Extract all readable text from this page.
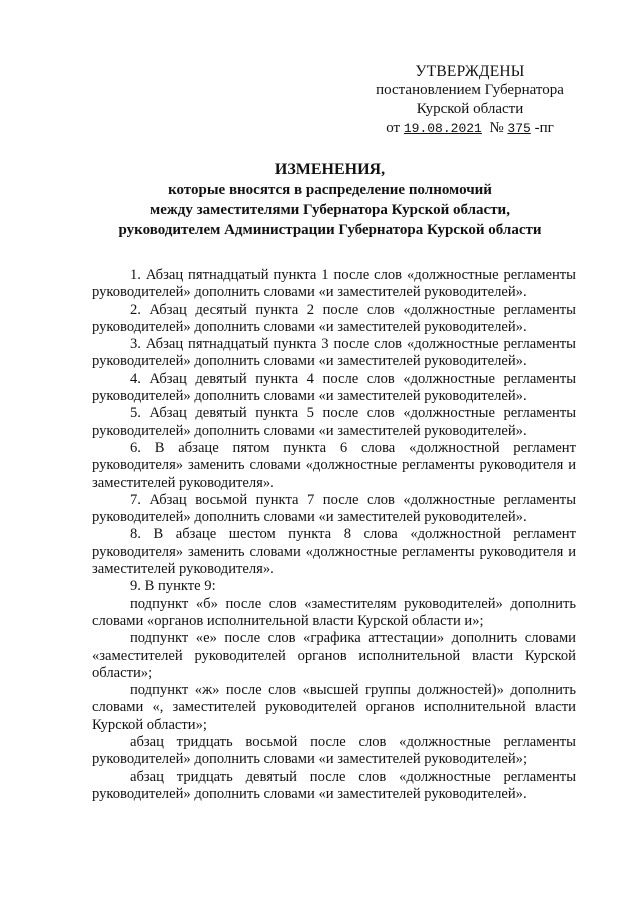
УТВЕРЖДЕНЫ
постановлением Губернатора
Курской области
от 19.08.2021 № 375 -пг
ИЗМЕНЕНИЯ,
которые вносятся в распределение полномочий
между заместителями Губернатора Курской области,
руководителем Администрации Губернатора Курской области

1. Абзац пятнадцатый пункта 1 после слов «должностные регламенты руководителей» дополнить словами «и заместителей руководителей».

2. Абзац десятый пункта 2 после слов «должностные регламенты руководителей» дополнить словами «и заместителей руководителей».

3. Абзац пятнадцатый пункта 3 после слов «должностные регламенты руководителей» дополнить словами «и заместителей руководителей».

4. Абзац девятый пункта 4 после слов «должностные регламенты руководителей» дополнить словами «и заместителей руководителей».

5. Абзац девятый пункта 5 после слов «должностные регламенты руководителей» дополнить словами «и заместителей руководителей».

6. В абзаце пятом пункта 6 слова «должностной регламент руководителя» заменить словами «должностные регламенты руководителя и заместителей руководителя».

7. Абзац восьмой пункта 7 после слов «должностные регламенты руководителей» дополнить словами «и заместителей руководителей».

8. В абзаце шестом пункта 8 слова «должностной регламент руководителя» заменить словами «должностные регламенты руководителя и заместителей руководителя».

9. В пункте 9:

подпункт «б» после слов «заместителям руководителей» дополнить словами «органов исполнительной власти Курской области и»;

подпункт «е» после слов «графика аттестации» дополнить словами «заместителей руководителей органов исполнительной власти Курской области»;

подпункт «ж» после слов «высшей группы должностей)» дополнить словами «, заместителей руководителей органов исполнительной власти Курской области»;

абзац тридцать восьмой после слов «должностные регламенты руководителей» дополнить словами «и заместителей руководителей»;

абзац тридцать девятый после слов «должностные регламенты руководителей» дополнить словами «и заместителей руководителей».
